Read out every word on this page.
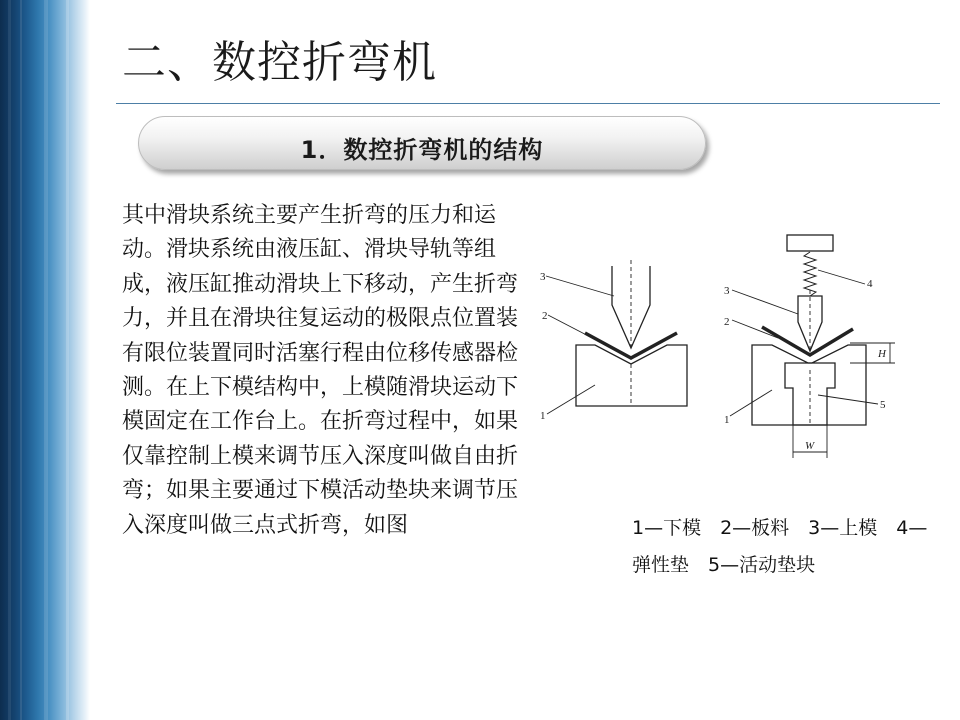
二、数控折弯机
1．数控折弯机的结构

其中滑块系统主要产生折弯的压力和运动。滑块系统由液压缸、滑块导轨等组成，液压缸推动滑块上下移动，产生折弯力，并且在滑块往复运动的极限点位置装有限位装置同时活塞行程由位移传感器检测。在上下模结构中，上模随滑块运动下模固定在工作台上。在折弯过程中，如果仅靠控制上模来调节压入深度叫做自由折弯；如果主要通过下模活动垫块来调节压入深度叫做三点式折弯，如图

3
2
1
3
2
1
4
5
H
W

1—下模　2—板料　3—上模　4—弹性垫　5—活动垫块
